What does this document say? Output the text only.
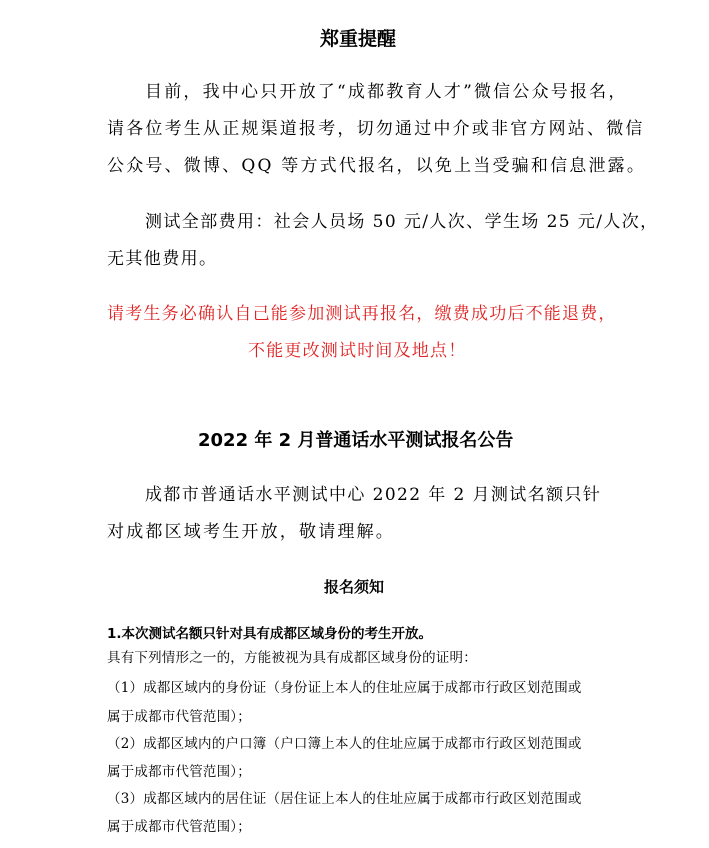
郑重提醒
目前，我中心只开放了“成都教育人才”微信公众号报名，
请各位考生从正规渠道报考，切勿通过中介或非官方网站、微信
公众号、微博、QQ 等方式代报名，以免上当受骗和信息泄露。
测试全部费用：社会人员场 50 元/人次、学生场 25 元/人次，
无其他费用。
请考生务必确认自己能参加测试再报名，缴费成功后不能退费，
不能更改测试时间及地点！
2022 年 2 月普通话水平测试报名公告
成都市普通话水平测试中心 2022 年 2 月测试名额只针
对成都区域考生开放，敬请理解。
报名须知
1.本次测试名额只针对具有成都区域身份的考生开放。
具有下列情形之一的，方能被视为具有成都区域身份的证明：
（1）成都区域内的身份证（身份证上本人的住址应属于成都市行政区划范围或
属于成都市代管范围）；
（2）成都区域内的户口簿（户口簿上本人的住址应属于成都市行政区划范围或
属于成都市代管范围）；
（3）成都区域内的居住证（居住证上本人的住址应属于成都市行政区划范围或
属于成都市代管范围）；
